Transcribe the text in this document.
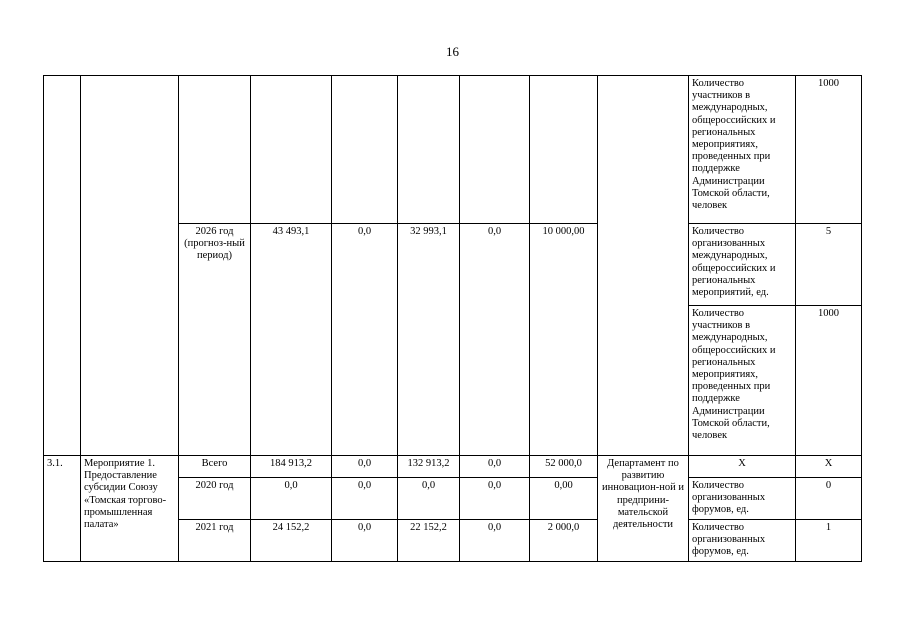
16
									Количество участников в международных, общероссийских и региональных мероприятиях, проведенных при поддержке Администрации Томской области, человек	1000
		2026 год (прогноз-ный период)	43 493,1	0,0	32 993,1	0,0	10 000,00		Количество организованных международных, общероссийских и региональных мероприятий, ед.	5
									Количество участников в международных, общероссийских и региональных мероприятиях, проведенных при поддержке Администрации Томской области, человек	1000
3.1.	Мероприятие 1. Предоставление субсидии Союзу «Томская торгово-промышленная палата»	Всего	184 913,2	0,0	132 913,2	0,0	52 000,0	Департамент по развитию инновацион-ной и предприни-мательской деятельности	Х	Х
		2020 год	0,0	0,0	0,0	0,0	0,00		Количество организованных форумов, ед.	0
		2021 год	24 152,2	0,0	22 152,2	0,0	2 000,0		Количество организованных форумов, ед.	1
